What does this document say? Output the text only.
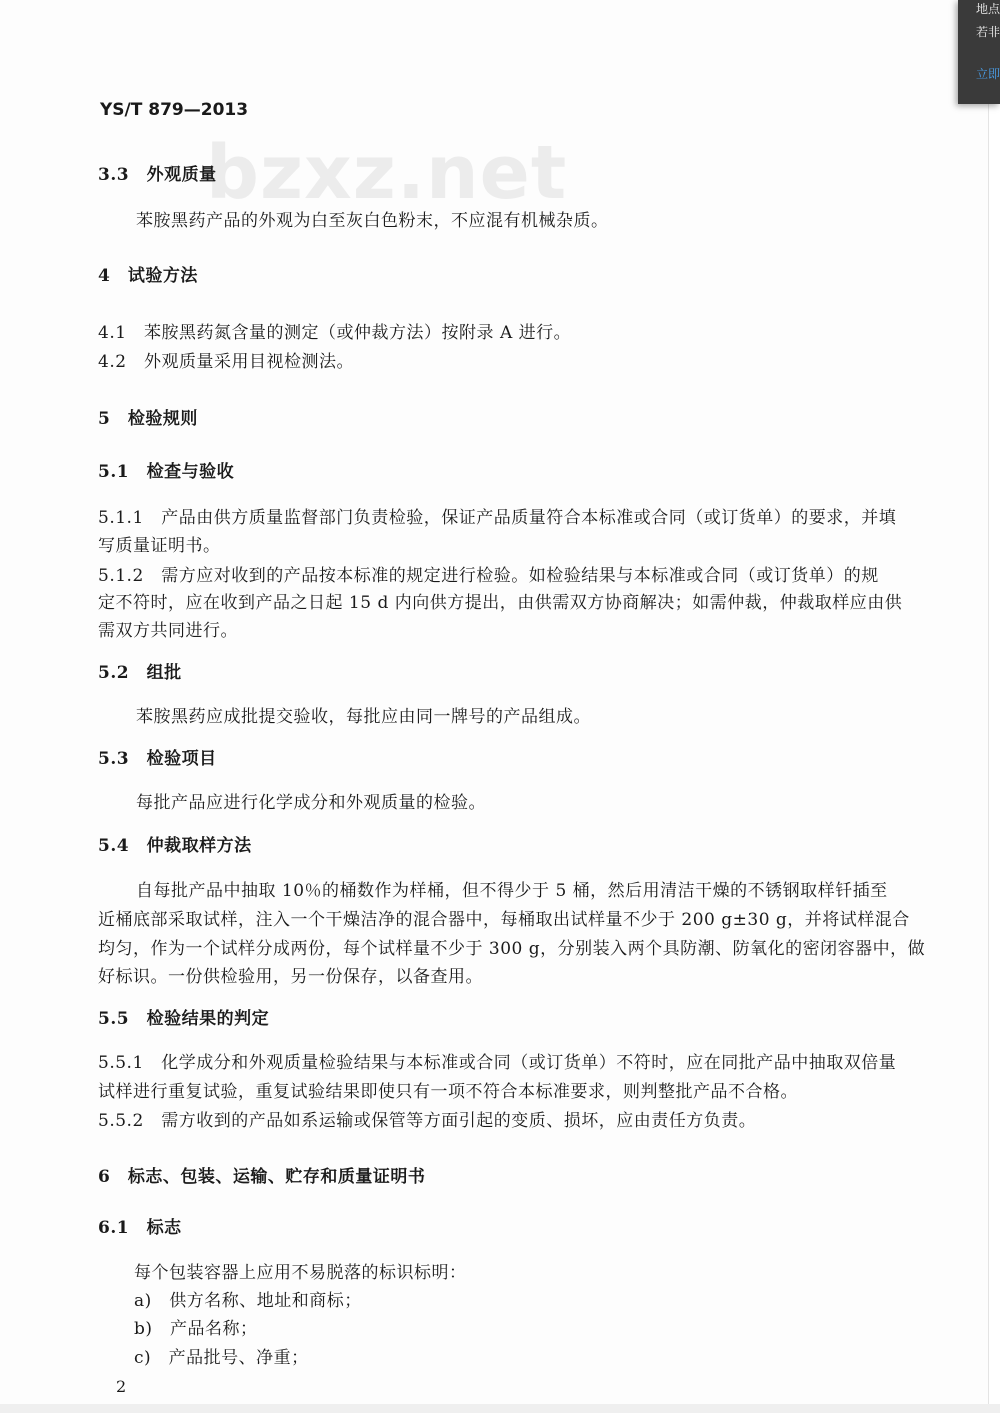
bzxz.net
YS/T 879—2013
3.3　外观质量
苯胺黑药产品的外观为白至灰白色粉末，不应混有机械杂质。
4　试验方法
4.1　苯胺黑药氮含量的测定（或仲裁方法）按附录 A 进行。
4.2　外观质量采用目视检测法。
5　检验规则
5.1　检查与验收
5.1.1　产品由供方质量监督部门负责检验，保证产品质量符合本标准或合同（或订货单）的要求，并填
写质量证明书。
5.1.2　需方应对收到的产品按本标准的规定进行检验。如检验结果与本标准或合同（或订货单）的规
定不符时，应在收到产品之日起 15 d 内向供方提出，由供需双方协商解决；如需仲裁，仲裁取样应由供
需双方共同进行。
5.2　组批
苯胺黑药应成批提交验收，每批应由同一牌号的产品组成。
5.3　检验项目
每批产品应进行化学成分和外观质量的检验。
5.4　仲裁取样方法
自每批产品中抽取 10％的桶数作为样桶，但不得少于 5 桶，然后用清洁干燥的不锈钢取样钎插至
近桶底部采取试样，注入一个干燥洁净的混合器中，每桶取出试样量不少于 200 g±30 g，并将试样混合
均匀，作为一个试样分成两份，每个试样量不少于 300 g，分别装入两个具防潮、防氧化的密闭容器中，做
好标识。一份供检验用，另一份保存，以备查用。
5.5　检验结果的判定
5.5.1　化学成分和外观质量检验结果与本标准或合同（或订货单）不符时，应在同批产品中抽取双倍量
试样进行重复试验，重复试验结果即使只有一项不符合本标准要求，则判整批产品不合格。
5.5.2　需方收到的产品如系运输或保管等方面引起的变质、损坏，应由责任方负责。
6　标志、包装、运输、贮存和质量证明书
6.1　标志
每个包装容器上应用不易脱落的标识标明：
a)　供方名称、地址和商标；
b)　产品名称；
c)　产品批号、净重；
2
地点
若非
立即
